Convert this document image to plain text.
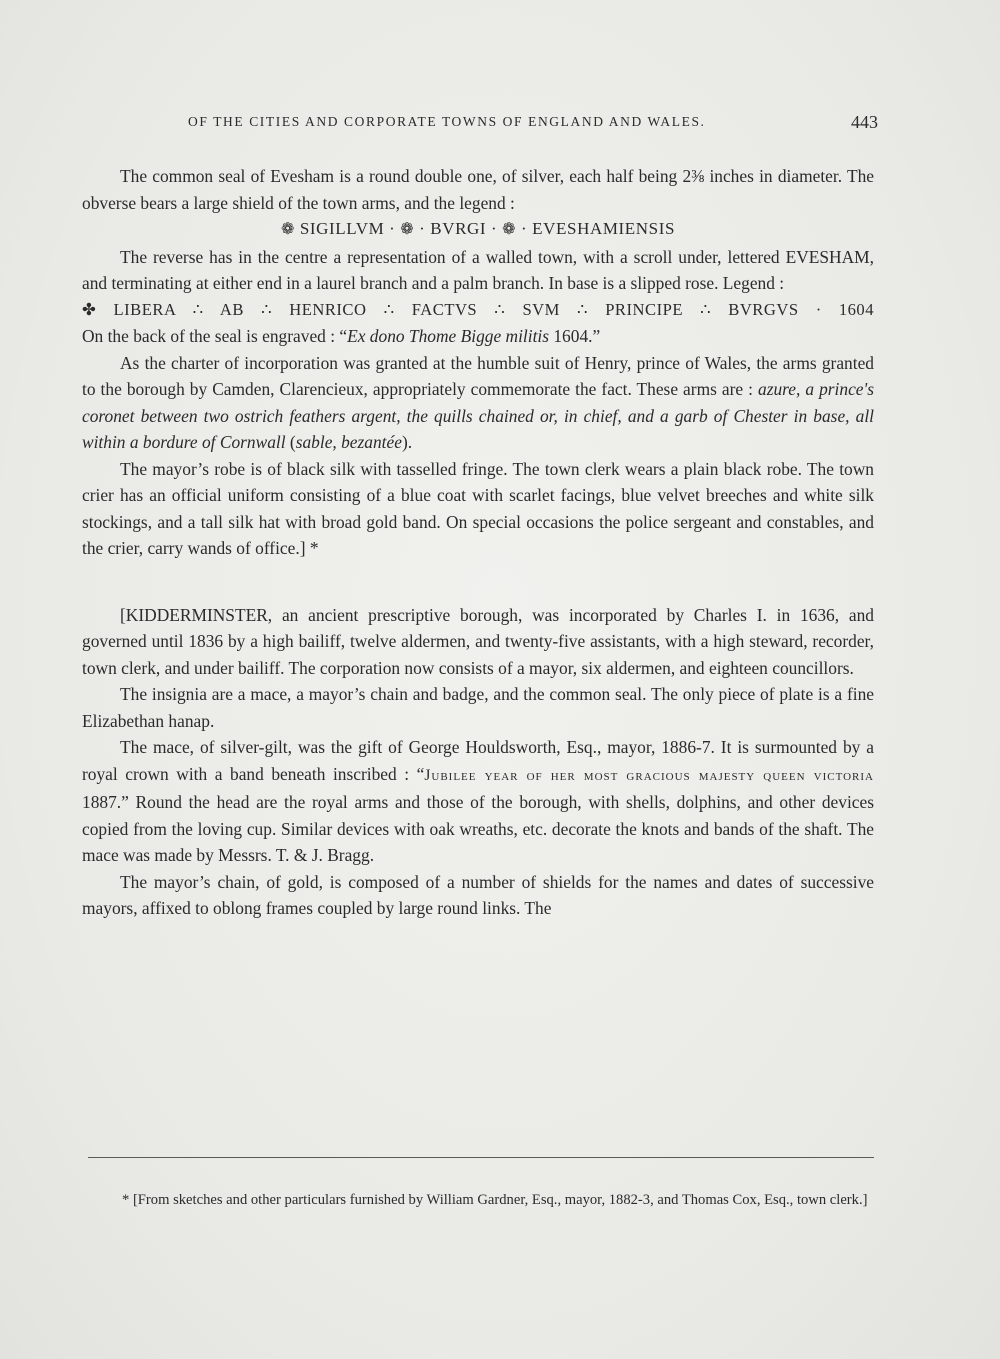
OF THE CITIES AND CORPORATE TOWNS OF ENGLAND AND WALES.	443

The common seal of Evesham is a round double one, of silver, each half being 2⅜ inches in diameter. The obverse bears a large shield of the town arms, and the legend :

❁ SIGILLVM · ❁ · BVRGI · ❁ · EVESHAMIENSIS

The reverse has in the centre a representation of a walled town, with a scroll under, lettered EVESHAM, and terminating at either end in a laurel branch and a palm branch. In base is a slipped rose. Legend :

✤ LIBERA ∴ AB ∴ HENRICO ∴ FACTVS ∴ SVM ∴ PRINCIPE ∴ BVRGVS · 1604

On the back of the seal is engraved : “Ex dono Thome Bigge militis 1604.”

As the charter of incorporation was granted at the humble suit of Henry, prince of Wales, the arms granted to the borough by Camden, Clarencieux, appropriately commemorate the fact. These arms are : azure, a prince's coronet between two ostrich feathers argent, the quills chained or, in chief, and a garb of Chester in base, all within a bordure of Cornwall (sable, bezantée).

The mayor’s robe is of black silk with tasselled fringe. The town clerk wears a plain black robe. The town crier has an official uniform consisting of a blue coat with scarlet facings, blue velvet breeches and white silk stockings, and a tall silk hat with broad gold band. On special occasions the police sergeant and constables, and the crier, carry wands of office.] *

[KIDDERMINSTER, an ancient prescriptive borough, was incorporated by Charles I. in 1636, and governed until 1836 by a high bailiff, twelve aldermen, and twenty-five assistants, with a high steward, recorder, town clerk, and under bailiff. The corporation now consists of a mayor, six aldermen, and eighteen councillors.

The insignia are a mace, a mayor’s chain and badge, and the common seal. The only piece of plate is a fine Elizabethan hanap.

The mace, of silver-gilt, was the gift of George Houldsworth, Esq., mayor, 1886-7. It is surmounted by a royal crown with a band beneath inscribed : “Jubilee year of her most gracious majesty queen victoria 1887.” Round the head are the royal arms and those of the borough, with shells, dolphins, and other devices copied from the loving cup. Similar devices with oak wreaths, etc. decorate the knots and bands of the shaft. The mace was made by Messrs. T. & J. Bragg.

The mayor’s chain, of gold, is composed of a number of shields for the names and dates of successive mayors, affixed to oblong frames coupled by large round links. The

* [From sketches and other particulars furnished by William Gardner, Esq., mayor, 1882-3, and Thomas Cox, Esq., town clerk.]
